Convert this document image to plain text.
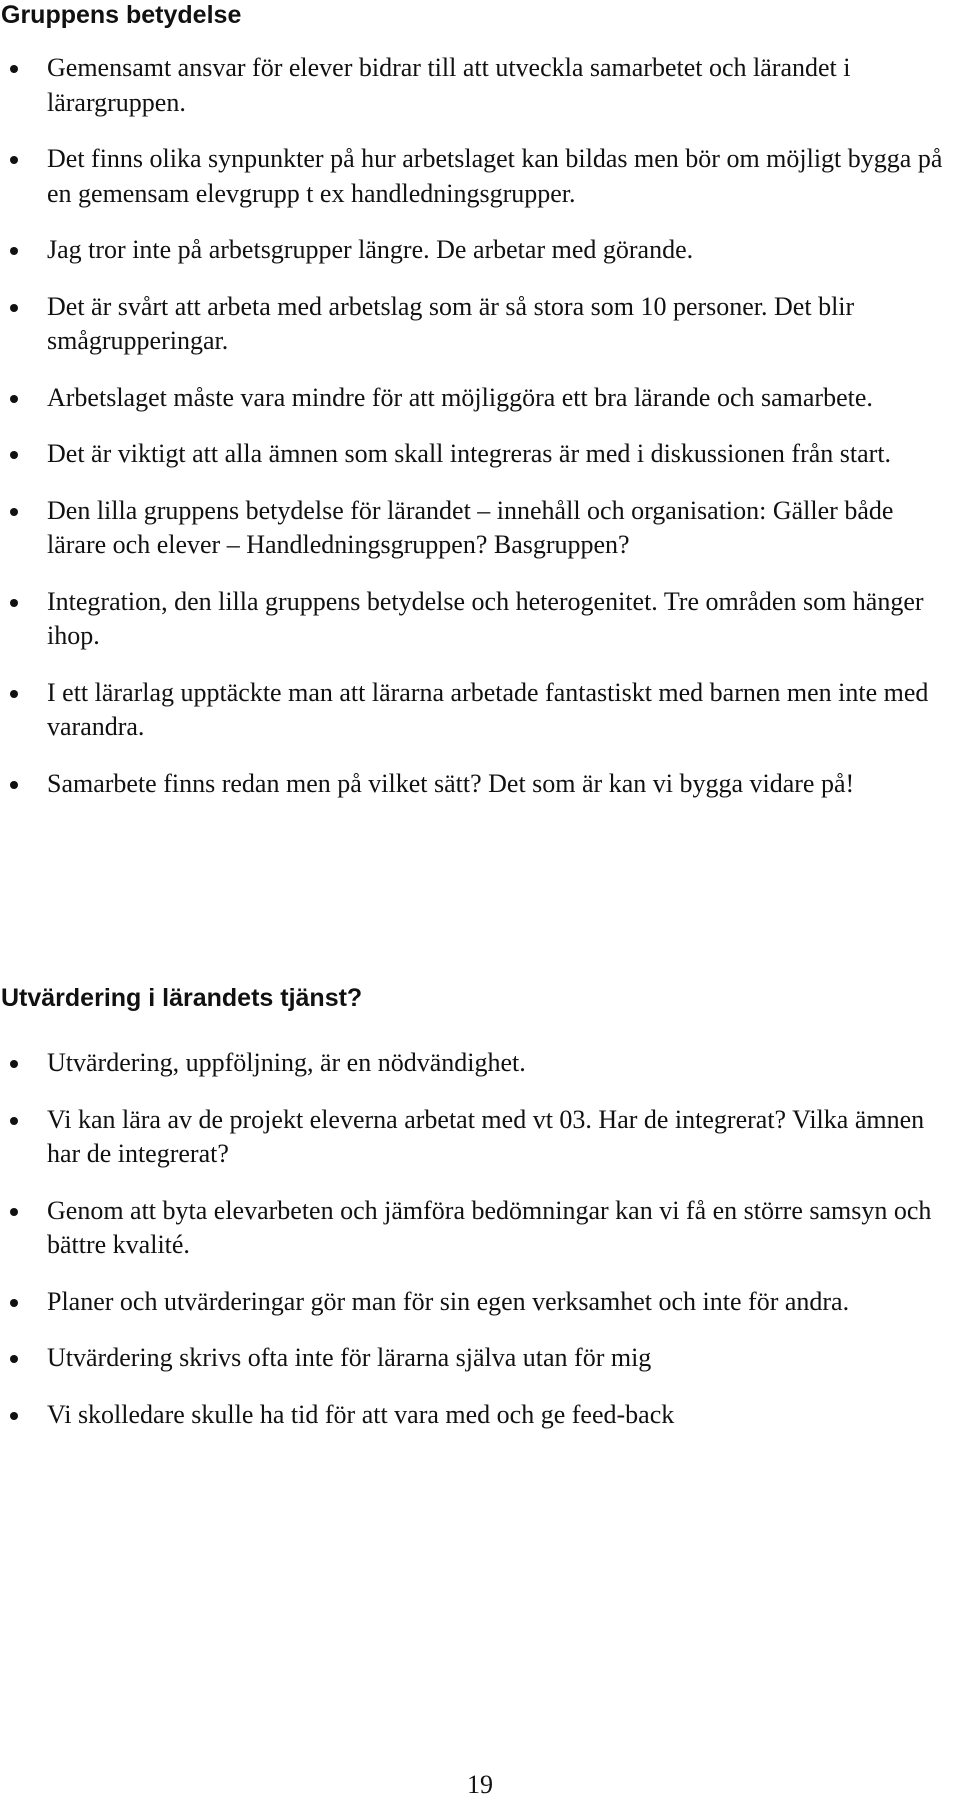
Gruppens betydelse
Gemensamt ansvar för elever bidrar till att utveckla samarbetet och lärandet i lärargruppen.
Det finns olika synpunkter på hur arbetslaget kan bildas men bör om möjligt bygga på en gemensam elevgrupp t ex handledningsgrupper.
Jag tror inte på arbetsgrupper längre. De arbetar med görande.
Det är svårt att arbeta med arbetslag som är så stora som 10 personer. Det blir smågrupperingar.
Arbetslaget måste vara mindre för att möjliggöra ett bra lärande och samarbete.
Det är viktigt att alla ämnen som skall integreras är med i diskussionen från start.
Den lilla gruppens betydelse för lärandet – innehåll och organisation: Gäller både lärare och elever – Handledningsgruppen? Basgruppen?
Integration, den lilla gruppens betydelse och heterogenitet. Tre områden som hänger ihop.
I ett lärarlag upptäckte man att lärarna arbetade fantastiskt med barnen men inte med varandra.
Samarbete finns redan men på vilket sätt? Det som är kan vi bygga vidare på!
Utvärdering i lärandets tjänst?
Utvärdering, uppföljning, är en nödvändighet.
Vi kan lära av de projekt eleverna arbetat med vt 03. Har de integrerat? Vilka ämnen har de integrerat?
Genom att byta elevarbeten och jämföra bedömningar kan vi få en större samsyn och bättre kvalité.
Planer och utvärderingar gör man för sin egen verksamhet och inte för andra.
Utvärdering skrivs ofta inte för lärarna själva utan för mig
Vi skolledare skulle ha tid för att vara med och ge feed-back
19
